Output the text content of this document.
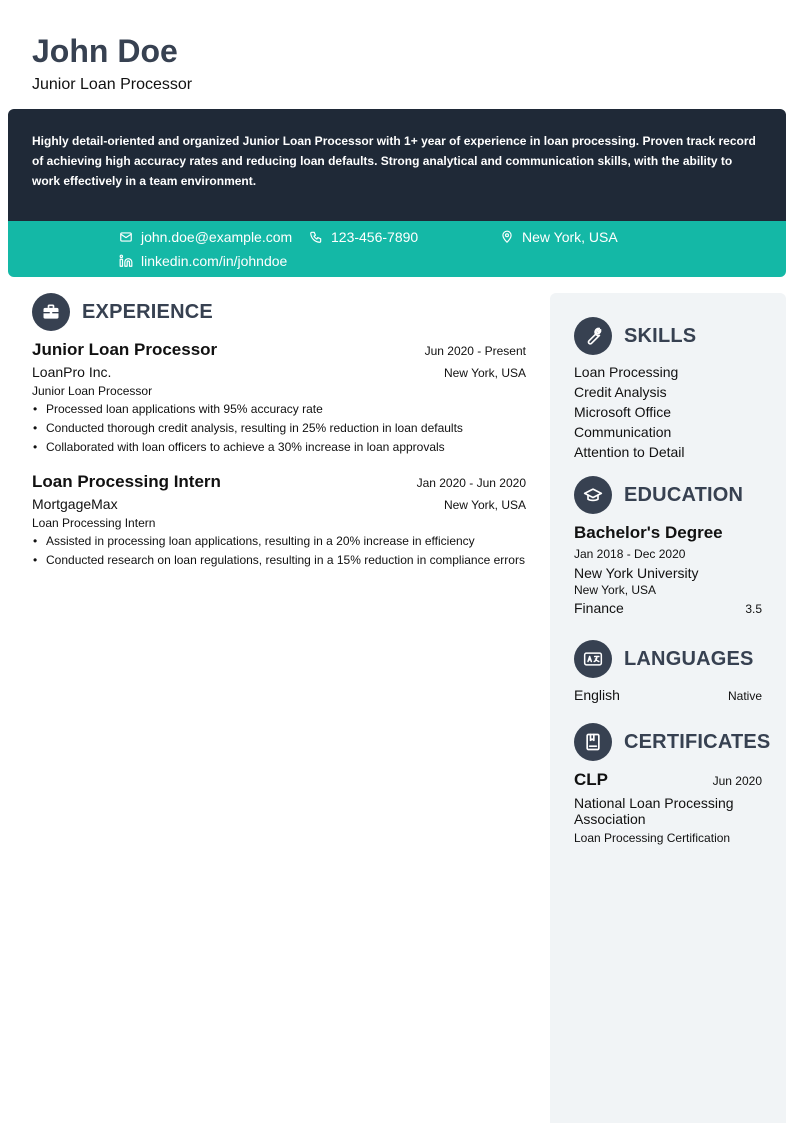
John Doe
Junior Loan Processor

Highly detail-oriented and organized Junior Loan Processor with 1+ year of experience in loan processing. Proven track record of achieving high accuracy rates and reducing loan defaults. Strong analytical and communication skills, with the ability to work effectively in a team environment.

john.doe@example.com	123-456-7890	New York, USA
linkedin.com/in/johndoe
EXPERIENCE
Junior Loan Processor	Jun 2020 - Present
LoanPro Inc.	New York, USA
Junior Loan Processor
• Processed loan applications with 95% accuracy rate
• Conducted thorough credit analysis, resulting in 25% reduction in loan defaults
• Collaborated with loan officers to achieve a 30% increase in loan approvals
Loan Processing Intern	Jan 2020 - Jun 2020
MortgageMax	New York, USA
Loan Processing Intern
• Assisted in processing loan applications, resulting in a 20% increase in efficiency
• Conducted research on loan regulations, resulting in a 15% reduction in compliance errors
SKILLS
Loan Processing
Credit Analysis
Microsoft Office
Communication
Attention to Detail
EDUCATION
Bachelor's Degree
Jan 2018 - Dec 2020
New York University
New York, USA
Finance	3.5
LANGUAGES
English	Native
CERTIFICATES
CLP	Jun 2020
National Loan Processing Association
Loan Processing Certification
